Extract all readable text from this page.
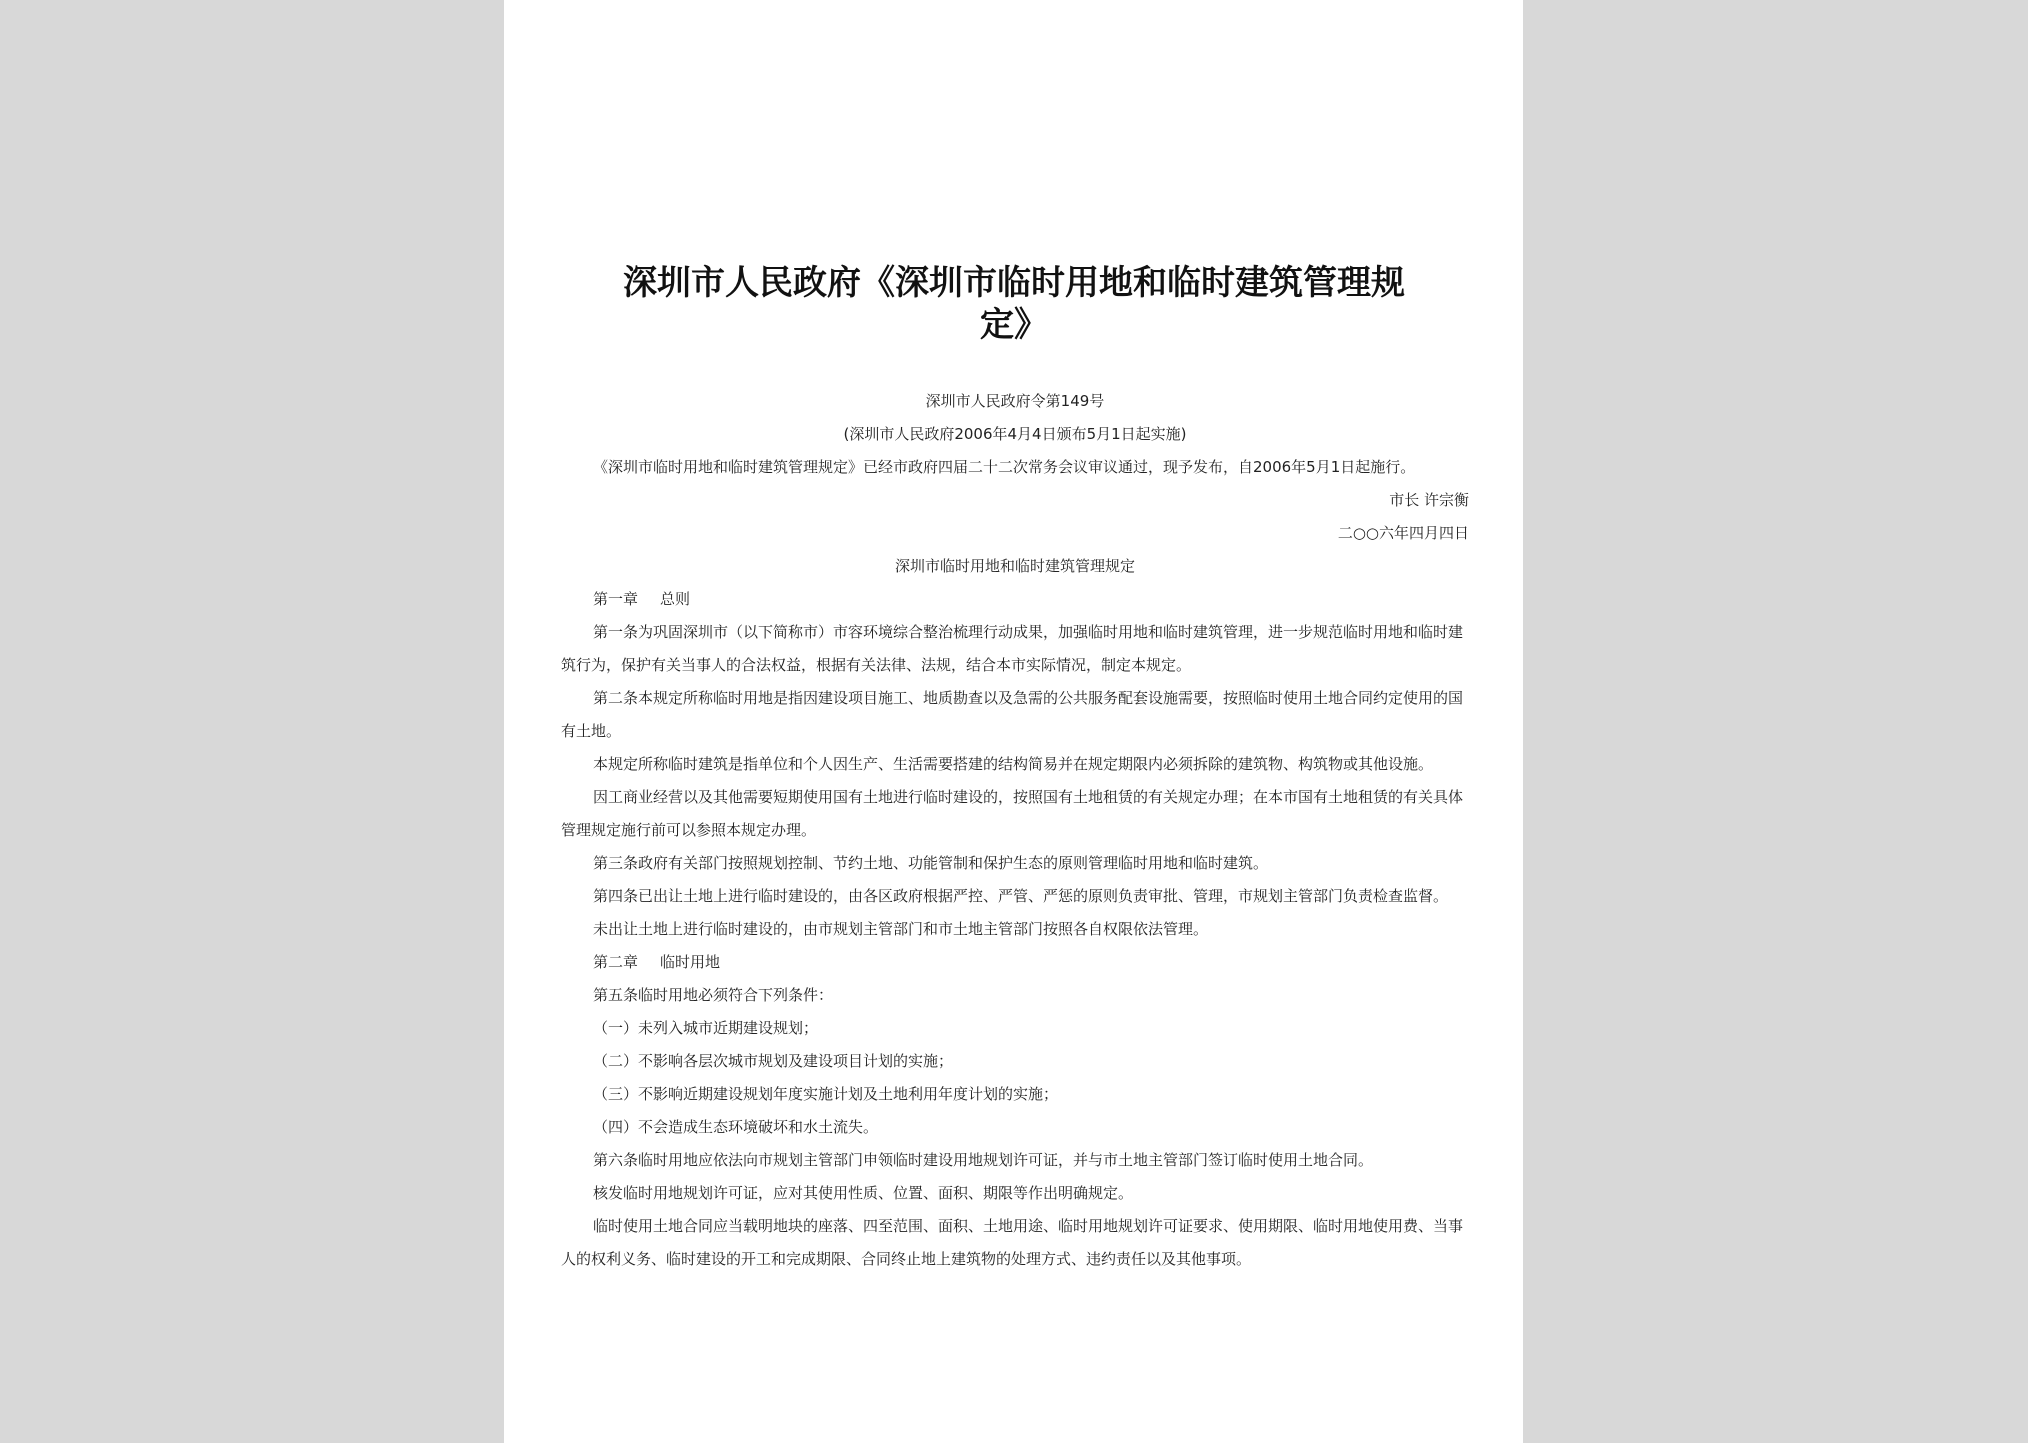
深圳市人民政府《深圳市临时用地和临时建筑管理规定》

深圳市人民政府令第149号

(深圳市人民政府2006年4月4日颁布5月1日起实施)

《深圳市临时用地和临时建筑管理规定》已经市政府四届二十二次常务会议审议通过，现予发布，自2006年5月1日起施行。

市长 许宗衡

二○○六年四月四日

深圳市临时用地和临时建筑管理规定

第一章 总则

第一条为巩固深圳市（以下简称市）市容环境综合整治梳理行动成果，加强临时用地和临时建筑管理，进一步规范临时用地和临时建筑行为，保护有关当事人的合法权益，根据有关法律、法规，结合本市实际情况，制定本规定。

第二条本规定所称临时用地是指因建设项目施工、地质勘查以及急需的公共服务配套设施需要，按照临时使用土地合同约定使用的国有土地。

本规定所称临时建筑是指单位和个人因生产、生活需要搭建的结构简易并在规定期限内必须拆除的建筑物、构筑物或其他设施。

因工商业经营以及其他需要短期使用国有土地进行临时建设的，按照国有土地租赁的有关规定办理；在本市国有土地租赁的有关具体管理规定施行前可以参照本规定办理。

第三条政府有关部门按照规划控制、节约土地、功能管制和保护生态的原则管理临时用地和临时建筑。

第四条已出让土地上进行临时建设的，由各区政府根据严控、严管、严惩的原则负责审批、管理，市规划主管部门负责检查监督。

未出让土地上进行临时建设的，由市规划主管部门和市土地主管部门按照各自权限依法管理。

第二章 临时用地

第五条临时用地必须符合下列条件：

（一）未列入城市近期建设规划；

（二）不影响各层次城市规划及建设项目计划的实施；

（三）不影响近期建设规划年度实施计划及土地利用年度计划的实施；

（四）不会造成生态环境破坏和水土流失。

第六条临时用地应依法向市规划主管部门申领临时建设用地规划许可证，并与市土地主管部门签订临时使用土地合同。

核发临时用地规划许可证，应对其使用性质、位置、面积、期限等作出明确规定。

临时使用土地合同应当载明地块的座落、四至范围、面积、土地用途、临时用地规划许可证要求、使用期限、临时用地使用费、当事人的权利义务、临时建设的开工和完成期限、合同终止地上建筑物的处理方式、违约责任以及其他事项。
